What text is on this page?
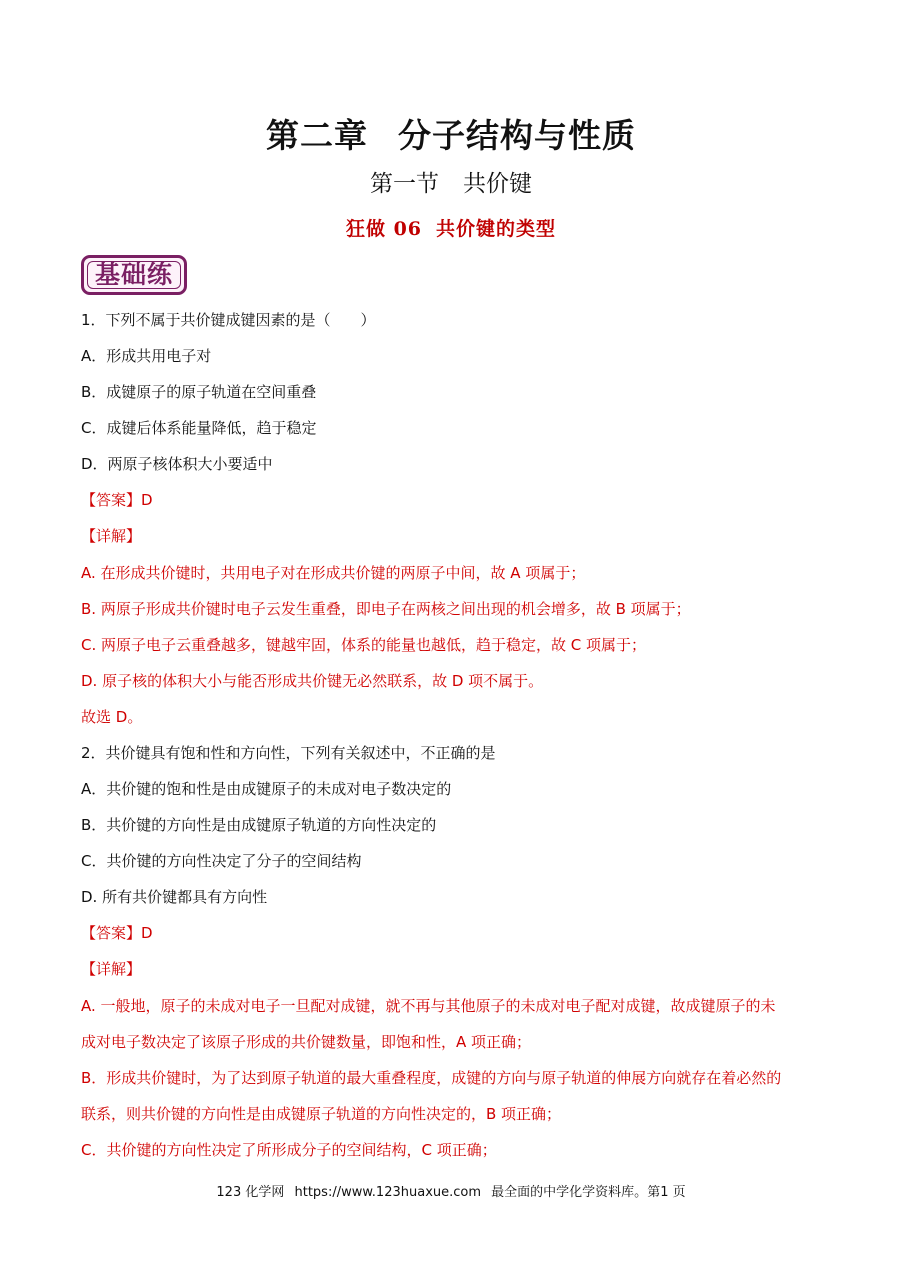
第二章 分子结构与性质
第一节 共价键
狂做 06 共价键的类型
基础练
1．下列不属于共价键成键因素的是（　　）
A．形成共用电子对
B．成键原子的原子轨道在空间重叠
C．成键后体系能量降低，趋于稳定
D．两原子核体积大小要适中
【答案】D
【详解】
A. 在形成共价键时，共用电子对在形成共价键的两原子中间，故 A 项属于；
B. 两原子形成共价键时电子云发生重叠，即电子在两核之间出现的机会增多，故 B 项属于；
C. 两原子电子云重叠越多，键越牢固，体系的能量也越低，趋于稳定，故 C 项属于；
D. 原子核的体积大小与能否形成共价键无必然联系，故 D 项不属于。
故选 D。
2．共价键具有饱和性和方向性，下列有关叙述中，不正确的是
A．共价键的饱和性是由成键原子的未成对电子数决定的
B．共价键的方向性是由成键原子轨道的方向性决定的
C．共价键的方向性决定了分子的空间结构
D. 所有共价键都具有方向性
【答案】D
【详解】
A. 一般地，原子的未成对电子一旦配对成键，就不再与其他原子的未成对电子配对成键，故成键原子的未
成对电子数决定了该原子形成的共价键数量，即饱和性，A 项正确；
B．形成共价键时，为了达到原子轨道的最大重叠程度，成键的方向与原子轨道的伸展方向就存在着必然的
联系，则共价键的方向性是由成键原子轨道的方向性决定的，B 项正确；
C．共价键的方向性决定了所形成分子的空间结构，C 项正确；
123 化学网 https://www.123huaxue.com 最全面的中学化学资料库。第1 页
